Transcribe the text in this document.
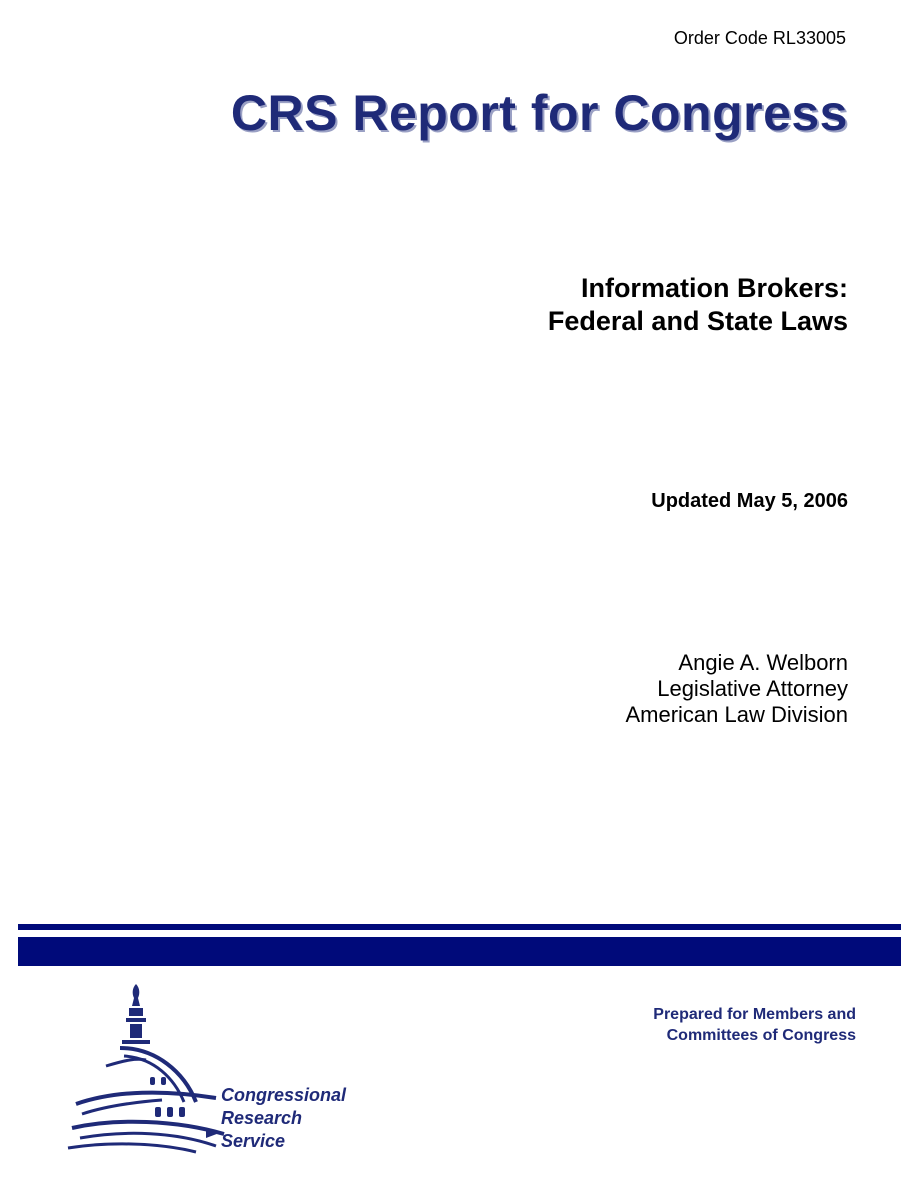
Order Code RL33005
CRS Report for Congress
Information Brokers:
Federal and State Laws
Updated May 5, 2006
Angie A. Welborn
Legislative Attorney
American Law Division
Congressional
Research
Service
Prepared for Members and
Committees of Congress
